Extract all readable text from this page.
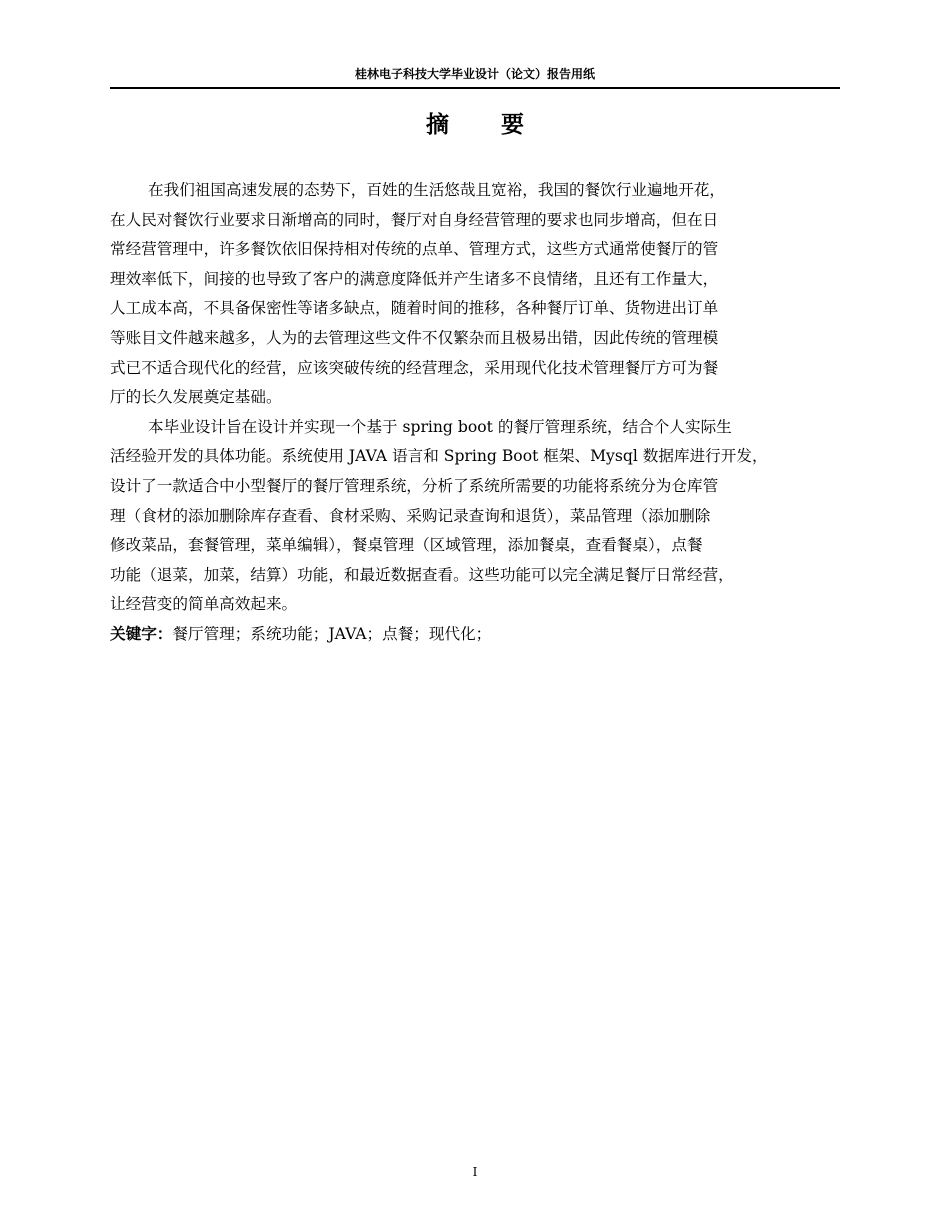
桂林电子科技大学毕业设计（论文）报告用纸
摘 要
在我们祖国高速发展的态势下，百姓的生活悠哉且宽裕，我国的餐饮行业遍地开花，
在人民对餐饮行业要求日渐增高的同时，餐厅对自身经营管理的要求也同步增高，但在日
常经营管理中，许多餐饮依旧保持相对传统的点单、管理方式，这些方式通常使餐厅的管
理效率低下，间接的也导致了客户的满意度降低并产生诸多不良情绪，且还有工作量大，
人工成本高，不具备保密性等诸多缺点，随着时间的推移，各种餐厅订单、货物进出订单
等账目文件越来越多，人为的去管理这些文件不仅繁杂而且极易出错，因此传统的管理模
式已不适合现代化的经营，应该突破传统的经营理念，采用现代化技术管理餐厅方可为餐
厅的长久发展奠定基础。
本毕业设计旨在设计并实现一个基于 spring boot 的餐厅管理系统，结合个人实际生
活经验开发的具体功能。系统使用 JAVA 语言和 Spring Boot 框架、Mysql 数据库进行开发，
设计了一款适合中小型餐厅的餐厅管理系统，分析了系统所需要的功能将系统分为仓库管
理（食材的添加删除库存查看、食材采购、采购记录查询和退货），菜品管理（添加删除
修改菜品，套餐管理，菜单编辑），餐桌管理（区域管理，添加餐桌，查看餐桌），点餐
功能（退菜，加菜，结算）功能，和最近数据查看。这些功能可以完全满足餐厅日常经营，
让经营变的简单高效起来。
关键字：餐厅管理；系统功能；JAVA；点餐；现代化；
I
